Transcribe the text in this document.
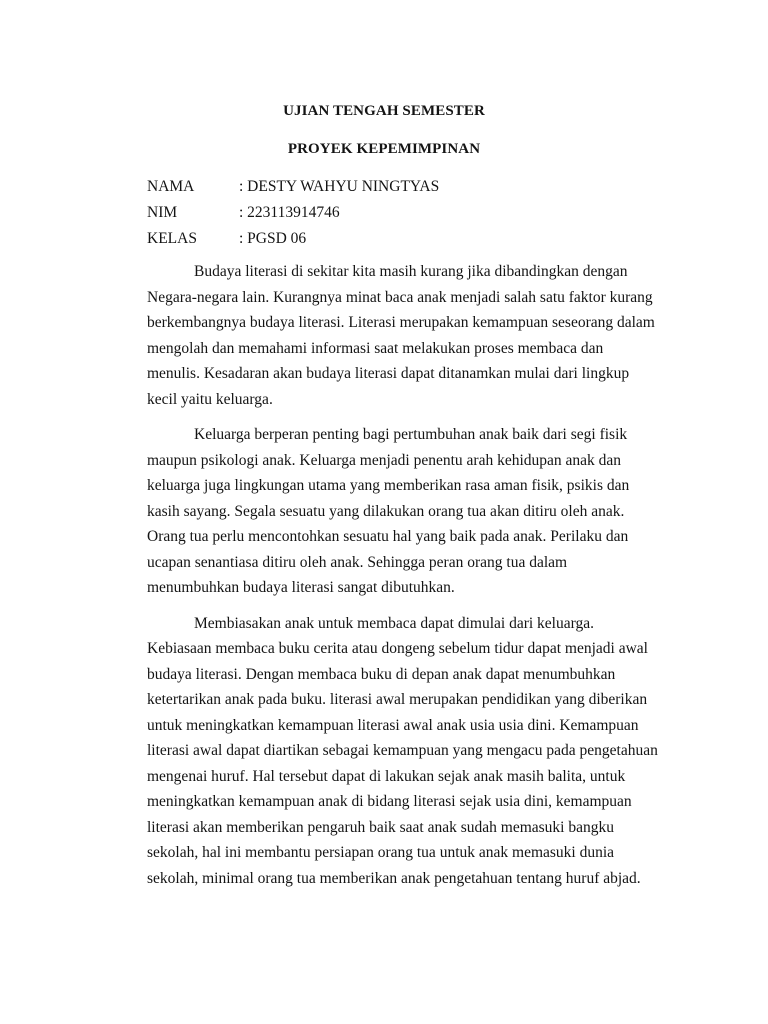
UJIAN TENGAH SEMESTER
PROYEK KEPEMIMPINAN
NAMA	: DESTY WAHYU NINGTYAS
NIM	: 223113914746
KELAS	: PGSD 06
Budaya literasi di sekitar kita masih kurang jika dibandingkan dengan
Negara-negara lain. Kurangnya minat baca anak menjadi salah satu faktor kurang
berkembangnya budaya literasi. Literasi merupakan kemampuan seseorang dalam
mengolah dan memahami informasi saat melakukan proses membaca dan
menulis. Kesadaran akan budaya literasi dapat ditanamkan mulai dari lingkup
kecil yaitu keluarga.
Keluarga berperan penting bagi pertumbuhan anak baik dari segi fisik
maupun psikologi anak. Keluarga menjadi penentu arah kehidupan anak dan
keluarga juga lingkungan utama yang memberikan rasa aman fisik, psikis dan
kasih sayang. Segala sesuatu yang dilakukan orang tua akan ditiru oleh anak.
Orang tua perlu mencontohkan sesuatu hal yang baik pada anak. Perilaku dan
ucapan senantiasa ditiru oleh anak. Sehingga peran orang tua dalam
menumbuhkan budaya literasi sangat dibutuhkan.
Membiasakan anak untuk membaca dapat dimulai dari keluarga.
Kebiasaan membaca buku cerita atau dongeng sebelum tidur dapat menjadi awal
budaya literasi. Dengan membaca buku di depan anak dapat menumbuhkan
ketertarikan anak pada buku. literasi awal merupakan pendidikan yang diberikan
untuk meningkatkan kemampuan literasi awal anak usia usia dini. Kemampuan
literasi awal dapat diartikan sebagai kemampuan yang mengacu pada pengetahuan
mengenai huruf. Hal tersebut dapat di lakukan sejak anak masih balita, untuk
meningkatkan kemampuan anak di bidang literasi sejak usia dini, kemampuan
literasi akan memberikan pengaruh baik saat anak sudah memasuki bangku
sekolah, hal ini membantu persiapan orang tua untuk anak memasuki dunia
sekolah, minimal orang tua memberikan anak pengetahuan tentang huruf abjad.
